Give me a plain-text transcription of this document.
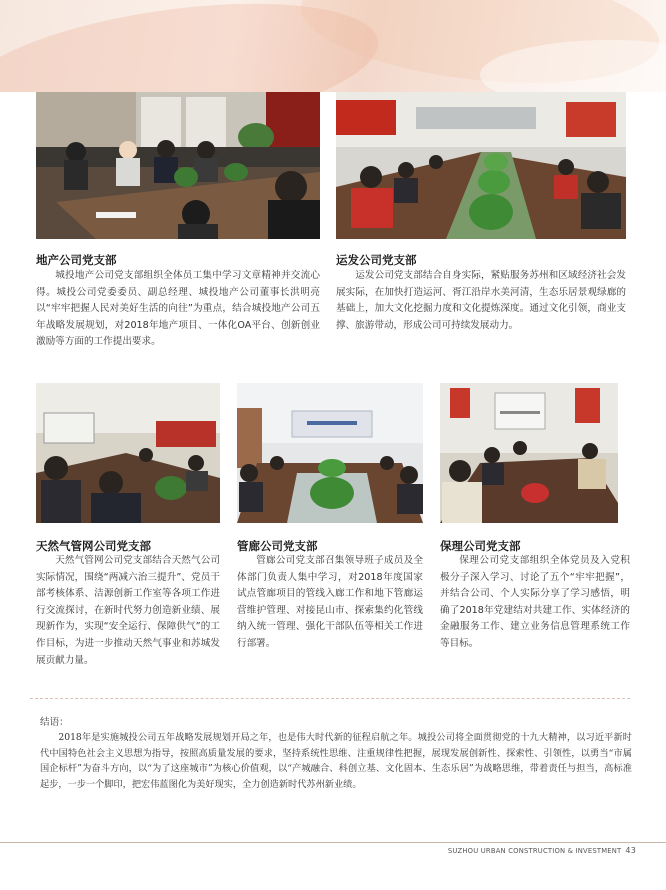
地产公司党支部

城投地产公司党支部组织全体员工集中学习文章精神并交流心得。城投公司党委委员、副总经理、城投地产公司董事长洪明亮以“牢牢把握人民对美好生活的向往”为重点，结合城投地产公司五年战略发展规划，对2018年地产项目、一体化OA平台、创新创业激励等方面的工作提出要求。

运发公司党支部

运发公司党支部结合自身实际，紧贴服务苏州和区域经济社会发展实际，在加快打造运河、胥江沿岸水美河清，生态乐居景观绿廊的基础上，加大文化挖掘力度和文化提炼深度。通过文化引领，商业支撑、旅游带动，形成公司可持续发展动力。

天然气管网公司党支部

天然气管网公司党支部结合天然气公司实际情况，围绕“两减六治三提升”、党员干部考核体系、洁源创新工作室等各项工作进行交流探讨，在新时代努力创造新业绩、展现新作为，实现“安全运行、保障供气”的工作目标，为进一步推动天然气事业和苏城发展贡献力量。

管廊公司党支部

管廊公司党支部召集领导班子成员及全体部门负责人集中学习，对2018年度国家试点管廊项目的管线入廊工作和地下管廊运营维护管理、对接昆山市、探索集约化管线纳入统一管理、强化干部队伍等相关工作进行部署。

保理公司党支部

保理公司党支部组织全体党员及入党积极分子深入学习、讨论了五个“牢牢把握”，并结合公司、个人实际分享了学习感悟，明确了2018年党建结对共建工作、实体经济的金融服务工作、建立业务信息管理系统工作等目标。

结语：

2018年是实施城投公司五年战略发展规划开局之年，也是伟大时代新的征程启航之年。城投公司将全面贯彻党的十九大精神，以习近平新时代中国特色社会主义思想为指导，按照高质量发展的要求，坚持系统性思维、注重规律性把握，展现发展创新性、探索性、引领性，以勇当“市属国企标杆”为奋斗方向，以“为了这座城市”为核心价值观，以“产城融合、科创立基、文化固本、生态乐居”为战略思维，带着责任与担当，高标准起步，一步一个脚印，把宏伟蓝图化为美好现实，全力创造新时代苏州新业绩。

SUZHOU URBAN CONSTRUCTION & INVESTMENT 43
